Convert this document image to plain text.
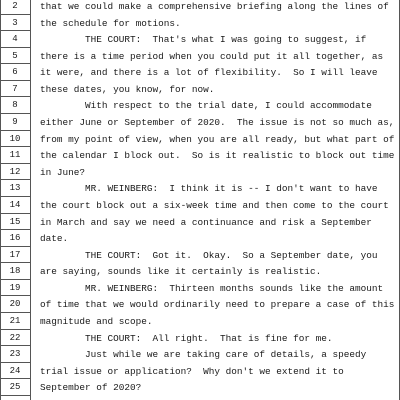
2	that we could make a comprehensive briefing along the lines of
3	the schedule for motions.
4	THE COURT:  That's what I was going to suggest, if
5	there is a time period when you could put it all together, as
6	it were, and there is a lot of flexibility.  So I will leave
7	these dates, you know, for now.
8	With respect to the trial date, I could accommodate
9	either June or September of 2020.  The issue is not so much as,
10	from my point of view, when you are all ready, but what part of
11	the calendar I block out.  So is it realistic to block out time
12	in June?
13	MR. WEINBERG:  I think it is -- I don't want to have
14	the court block out a six-week time and then come to the court
15	in March and say we need a continuance and risk a September
16	date.
17	THE COURT:  Got it.  Okay.  So a September date, you
18	are saying, sounds like it certainly is realistic.
19	MR. WEINBERG:  Thirteen months sounds like the amount
20	of time that we would ordinarily need to prepare a case of this
21	magnitude and scope.
22	THE COURT:  All right.  That is fine for me.
23	Just while we are taking care of details, a speedy
24	trial issue or application?  Why don't we extend it to
25	September of 2020?
